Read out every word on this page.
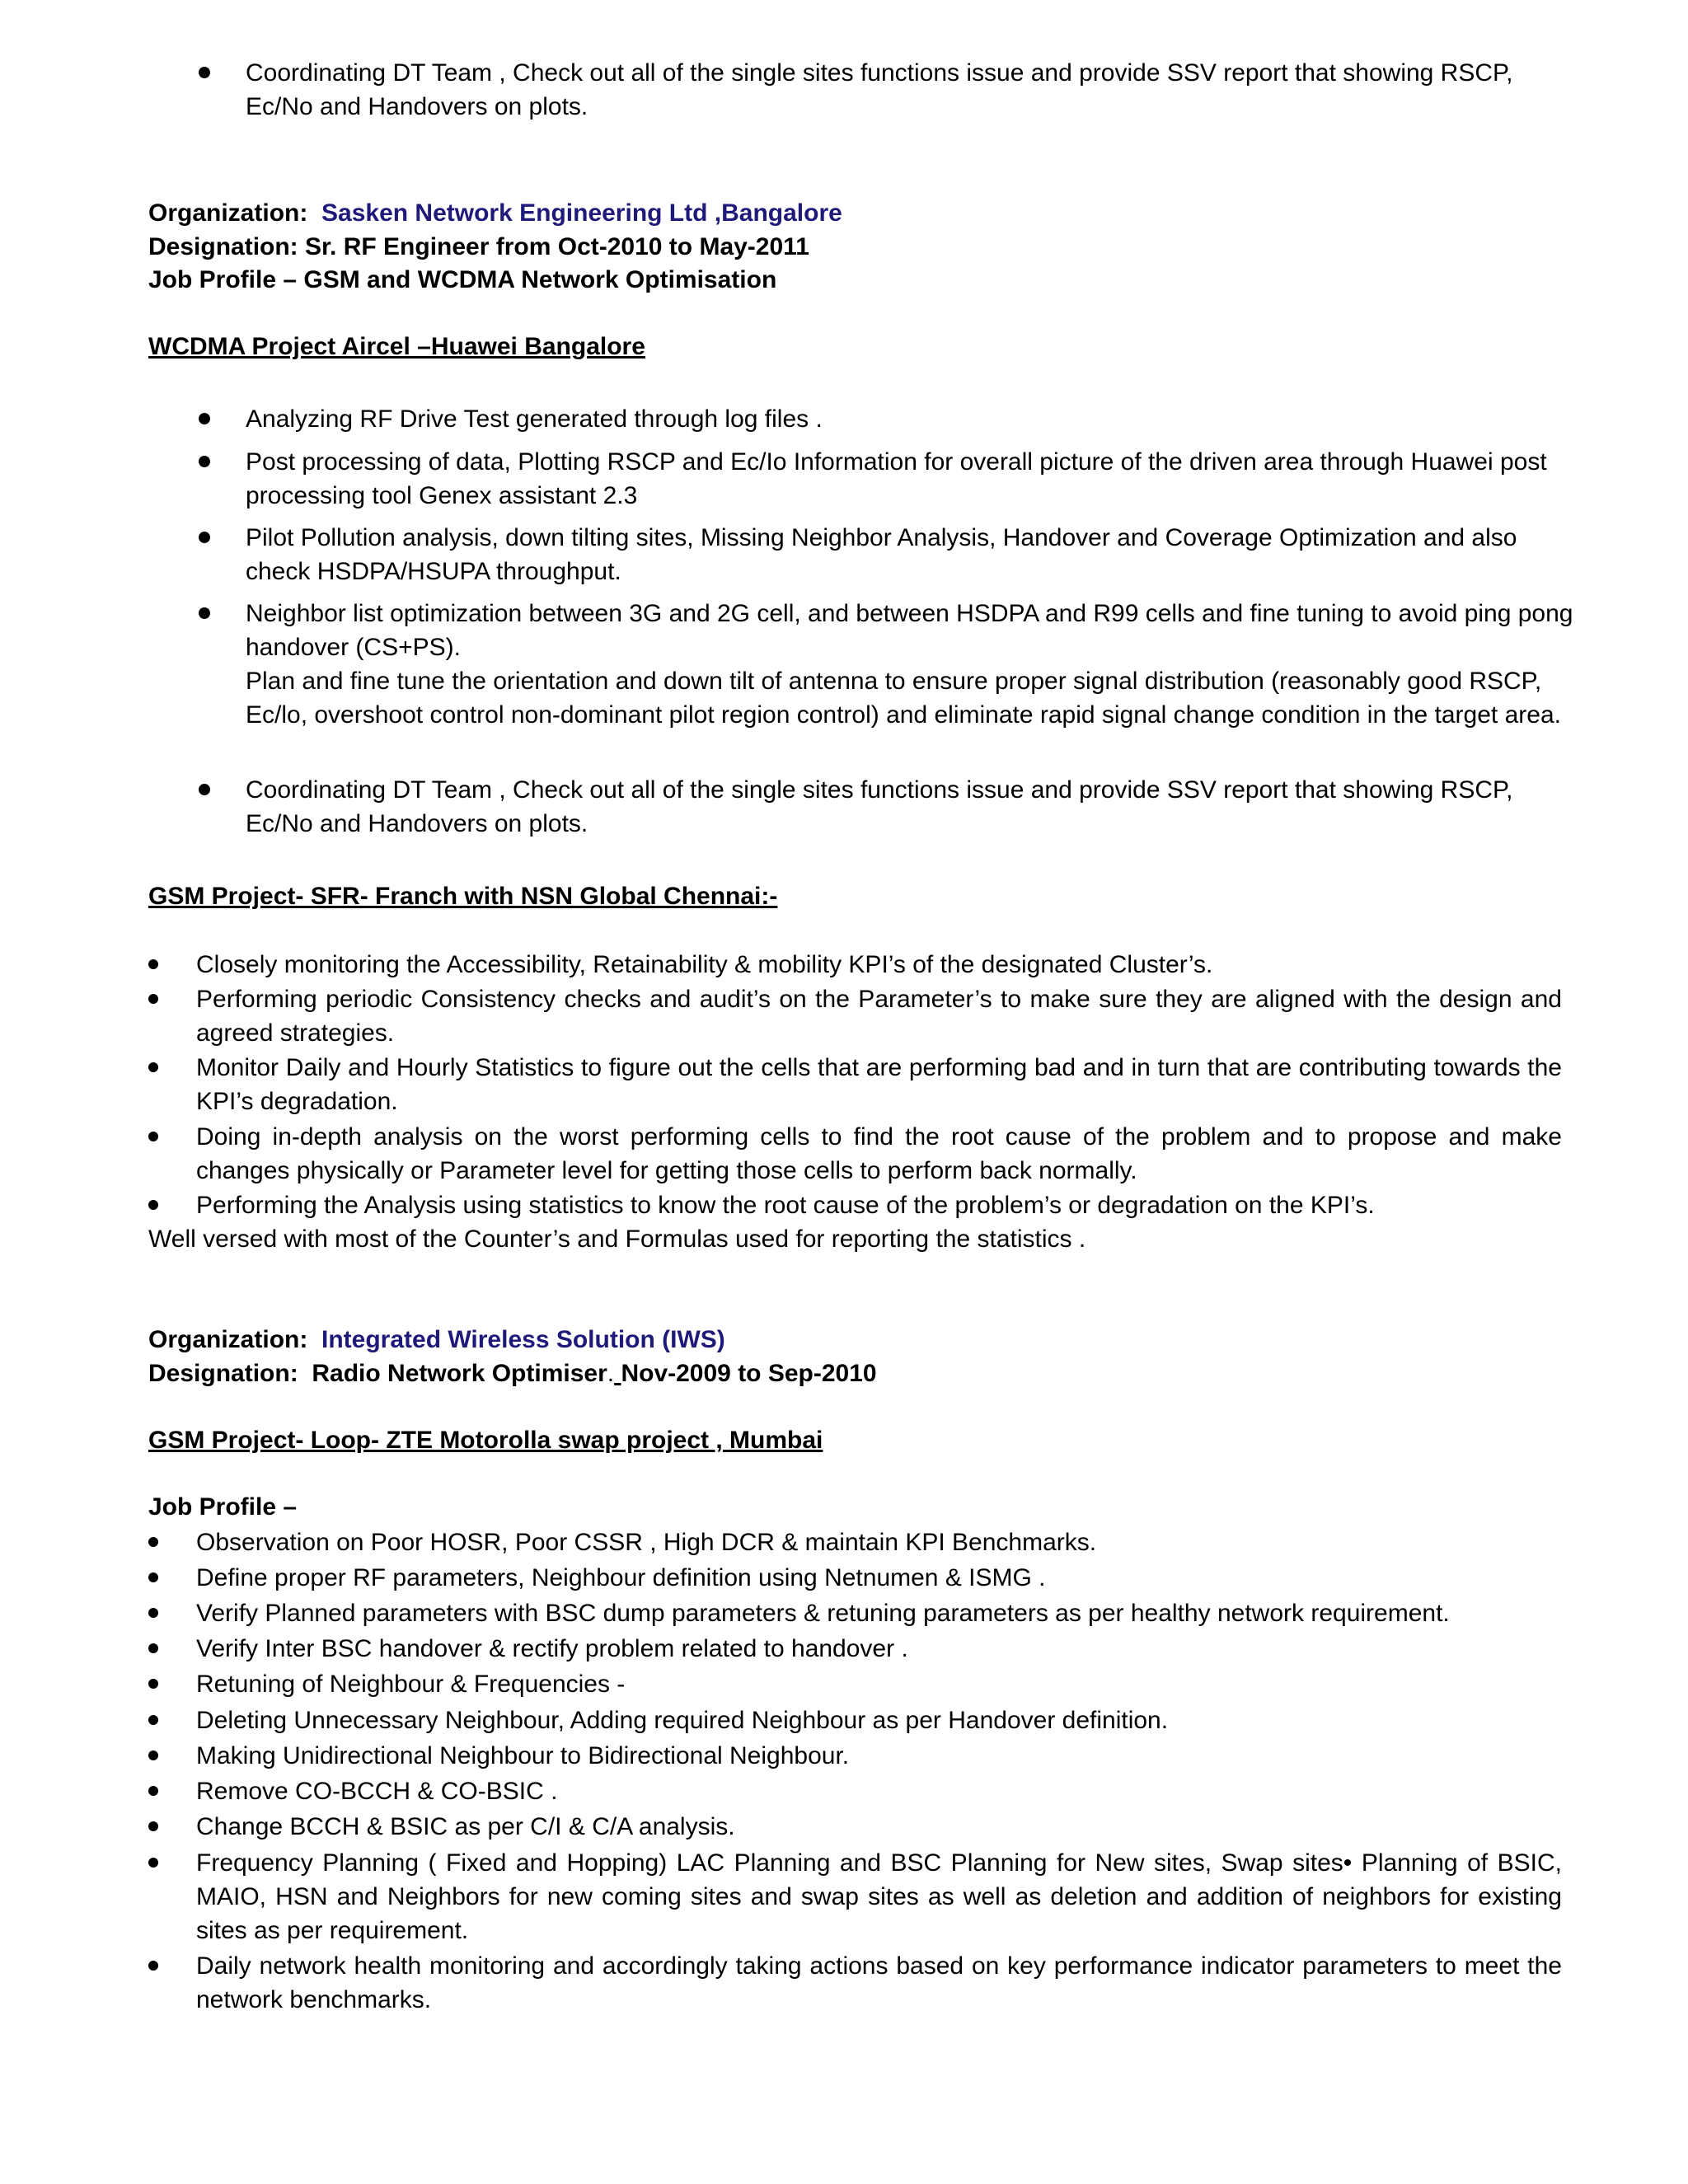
Coordinating DT Team , Check out all of the single sites functions issue and provide SSV report that showing RSCP, Ec/No and Handovers on plots.

Organization: Sasken Network Engineering Ltd ,Bangalore
Designation: Sr. RF Engineer from Oct-2010 to May-2011
Job Profile – GSM and WCDMA Network Optimisation
WCDMA Project Aircel –Huawei Bangalore

Analyzing RF Drive Test generated through log files .

Post processing of data, Plotting RSCP and Ec/Io Information for overall picture of the driven area through Huawei post processing tool Genex assistant 2.3

Pilot Pollution analysis, down tilting sites, Missing Neighbor Analysis, Handover and Coverage Optimization and also check HSDPA/HSUPA throughput.

Neighbor list optimization between 3G and 2G cell, and between HSDPA and R99 cells and fine tuning to avoid ping pong handover (CS+PS).

Plan and fine tune the orientation and down tilt of antenna to ensure proper signal distribution (reasonably good RSCP, Ec/lo, overshoot control non-dominant pilot region control) and eliminate rapid signal change condition in the target area.

Coordinating DT Team , Check out all of the single sites functions issue and provide SSV report that showing RSCP, Ec/No and Handovers on plots.

GSM Project- SFR- Franch with NSN Global Chennai:-

Closely monitoring the Accessibility, Retainability & mobility KPI’s of the designated Cluster’s.

Performing periodic Consistency checks and audit’s on the Parameter’s to make sure they are aligned with the design and agreed strategies.

Monitor Daily and Hourly Statistics to figure out the cells that are performing bad and in turn that are contributing towards the KPI’s degradation.

Doing in-depth analysis on the worst performing cells to find the root cause of the problem and to propose and make changes physically or Parameter level for getting those cells to perform back normally.

Performing the Analysis using statistics to know the root cause of the problem’s or degradation on the KPI’s.

Well versed with most of the Counter’s and Formulas used for reporting the statistics .
Organization: Integrated Wireless Solution (IWS)
Designation:  Radio Network Optimiser. Nov-2009 to Sep-2010
GSM Project- Loop- ZTE Motorolla swap project , Mumbai
Job Profile –

Observation on Poor HOSR, Poor CSSR , High DCR & maintain KPI Benchmarks.

Define proper RF parameters, Neighbour definition using Netnumen & ISMG .

Verify Planned parameters with BSC dump parameters & retuning parameters as per healthy network requirement.

Verify Inter BSC handover & rectify problem related to handover .

Retuning of Neighbour & Frequencies -

Deleting Unnecessary Neighbour, Adding required Neighbour as per Handover definition.

Making Unidirectional Neighbour to Bidirectional Neighbour.

Remove CO-BCCH & CO-BSIC .

Change BCCH & BSIC as per C/I & C/A analysis.

Frequency Planning ( Fixed and Hopping) LAC Planning and BSC Planning for New sites, Swap sites• Planning of BSIC, MAIO, HSN and Neighbors for new coming sites and swap sites as well as deletion and addition of neighbors for existing sites as per requirement.

Daily network health monitoring and accordingly taking actions based on key performance indicator parameters to meet the network benchmarks.
